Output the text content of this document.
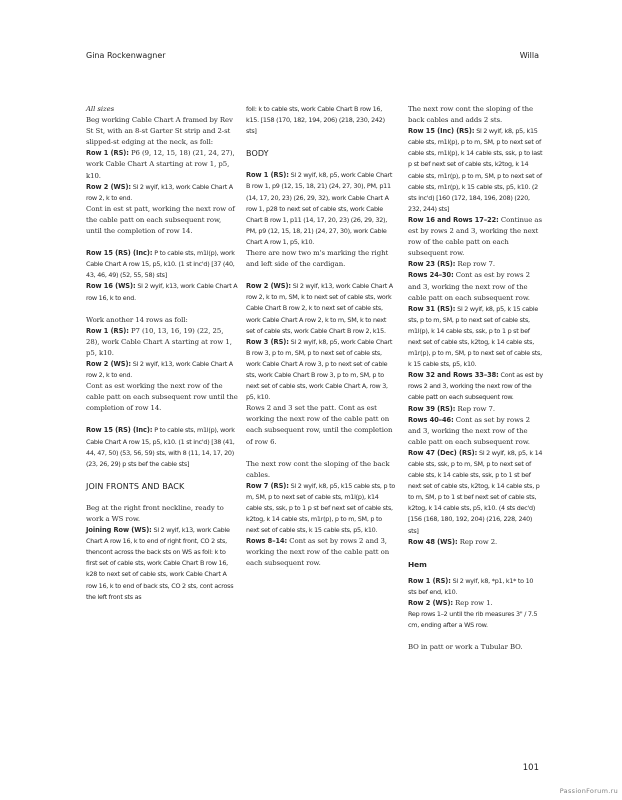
Gina Rockenwagner	Willa

All sizes

Beg working Cable Chart A framed by Rev St St, with an 8-st Garter St strip and 2-st slipped-st edging at the neck, as foll:

Row 1 (RS): P6 (9, 12, 15, 18) (21, 24, 27), work Cable Chart A starting at row 1, p5, k10.

Row 2 (WS): Sl 2 wyif, k13, work Cable Chart A row 2, k to end.

Cont in est st patt, working the next row of the cable patt on each subsequent row, until the completion of row 14.

Row 15 (RS) (Inc): P to cable sts, m1l(p), work Cable Chart A row 15, p5, k10. (1 st inc'd) [37 (40, 43, 46, 49) (52, 55, 58) sts]

Row 16 (WS): Sl 2 wyif, k13, work Cable Chart A row 16, k to end.

Work another 14 rows as foll:

Row 1 (RS): P7 (10, 13, 16, 19) (22, 25, 28), work Cable Chart A starting at row 1, p5, k10.

Row 2 (WS): Sl 2 wyif, k13, work Cable Chart A row 2, k to end.

Cont as est working the next row of the cable patt on each subsequent row until the completion of row 14.

Row 15 (RS) (Inc): P to cable sts, m1l(p), work Cable Chart A row 15, p5, k10. (1 st inc'd) [38 (41, 44, 47, 50) (53, 56, 59) sts, with 8 (11, 14, 17, 20) (23, 26, 29) p sts bef the cable sts]

JOIN FRONTS AND BACK

Beg at the right front neckline, ready to work a WS row.

Joining Row (WS): Sl 2 wyif, k13, work Cable Chart A row 16, k to end of right front, CO 2 sts, thencont across the back sts on WS as foll: k to first set of cable sts, work Cable Chart B row 16, k28 to next set of cable sts, work Cable Chart A row 16, k to end of back sts, CO 2 sts, cont across the left front sts as

foll: k to cable sts, work Cable Chart B row 16, k15. [158 (170, 182, 194, 206) (218, 230, 242) sts]

BODY

Row 1 (RS): Sl 2 wyif, k8, p5, work Cable Chart B row 1, p9 (12, 15, 18, 21) (24, 27, 30), PM, p11 (14, 17, 20, 23) (26, 29, 32), work Cable Chart A row 1, p28 to next set of cable sts, work Cable Chart B row 1, p11 (14, 17, 20, 23) (26, 29, 32), PM, p9 (12, 15, 18, 21) (24, 27, 30), work Cable Chart A row 1, p5, k10.

There are now two m's marking the right and left side of the cardigan.

Row 2 (WS): Sl 2 wyif, k13, work Cable Chart A row 2, k to m, SM, k to next set of cable sts, work Cable Chart B row 2, k to next set of cable sts, work Cable Chart A row 2, k to m, SM, k to next set of cable sts, work Cable Chart B row 2, k15.

Row 3 (RS): Sl 2 wyif, k8, p5, work Cable Chart B row 3, p to m, SM, p to next set of cable sts, work Cable Chart A row 3, p to next set of cable sts, work Cable Chart B row 3, p to m, SM, p to next set of cable sts, work Cable Chart A, row 3, p5, k10.

Rows 2 and 3 set the patt. Cont as est working the next row of the cable patt on each subsequent row, until the completion of row 6.

The next row cont the sloping of the back cables.

Row 7 (RS): Sl 2 wyif, k8, p5, k15 cable sts, p to m, SM, p to next set of cable sts, m1l(p), k14 cable sts, ssk, p to 1 p st bef next set of cable sts, k2tog, k 14 cable sts, m1r(p), p to m, SM, p to next set of cable sts, k 15 cable sts, p5, k10.

Rows 8–14: Cont as set by rows 2 and 3, working the next row of the cable patt on each subsequent row.

The next row cont the sloping of the back cables and adds 2 sts.

Row 15 (Inc) (RS): Sl 2 wyif, k8, p5, k15 cable sts, m1l(p), p to m, SM, p to next set of cable sts, m1l(p), k 14 cable sts, ssk, p to last p st bef next set of cable sts, k2tog, k 14 cable sts, m1r(p), p to m, SM, p to next set of cable sts, m1r(p), k 15 cable sts, p5, k10. (2 sts inc'd) [160 (172, 184, 196, 208) (220, 232, 244) sts]

Row 16 and Rows 17–22: Continue as est by rows 2 and 3, working the next row of the cable patt on each subsequent row.

Row 23 (RS): Rep row 7.

Rows 24–30: Cont as est by rows 2 and 3, working the next row of the cable patt on each subsequent row.

Row 31 (RS): Sl 2 wyif, k8, p5, k 15 cable sts, p to m, SM, p to next set of cable sts, m1l(p), k 14 cable sts, ssk, p to 1 p st bef next set of cable sts, k2tog, k 14 cable sts, m1r(p), p to m, SM, p to next set of cable sts, k 15 cable sts, p5, k10.

Row 32 and Rows 33–38: Cont as est by rows 2 and 3, working the next row of the cable patt on each subsequent row.

Row 39 (RS): Rep row 7.

Rows 40–46: Cont as set by rows 2 and 3, working the next row of the cable patt on each subsequent row.

Row 47 (Dec) (RS): Sl 2 wyif, k8, p5, k 14 cable sts, ssk, p to m, SM, p to next set of cable sts, k 14 cable sts, ssk, p to 1 st bef next set of cable sts, k2tog, k 14 cable sts, p to m, SM, p to 1 st bef next set of cable sts, k2tog, k 14 cable sts, p5, k10. (4 sts dec'd) [156 (168, 180, 192, 204) (216, 228, 240) sts]

Row 48 (WS): Rep row 2.

Hem

Row 1 (RS): Sl 2 wyif, k8, *p1, k1* to 10 sts bef end, k10.

Row 2 (WS): Rep row 1.

Rep rows 1–2 until the rib measures 3" / 7.5 cm, ending after a WS row.

BO in patt or work a Tubular BO.

101
PassionForum.ru
